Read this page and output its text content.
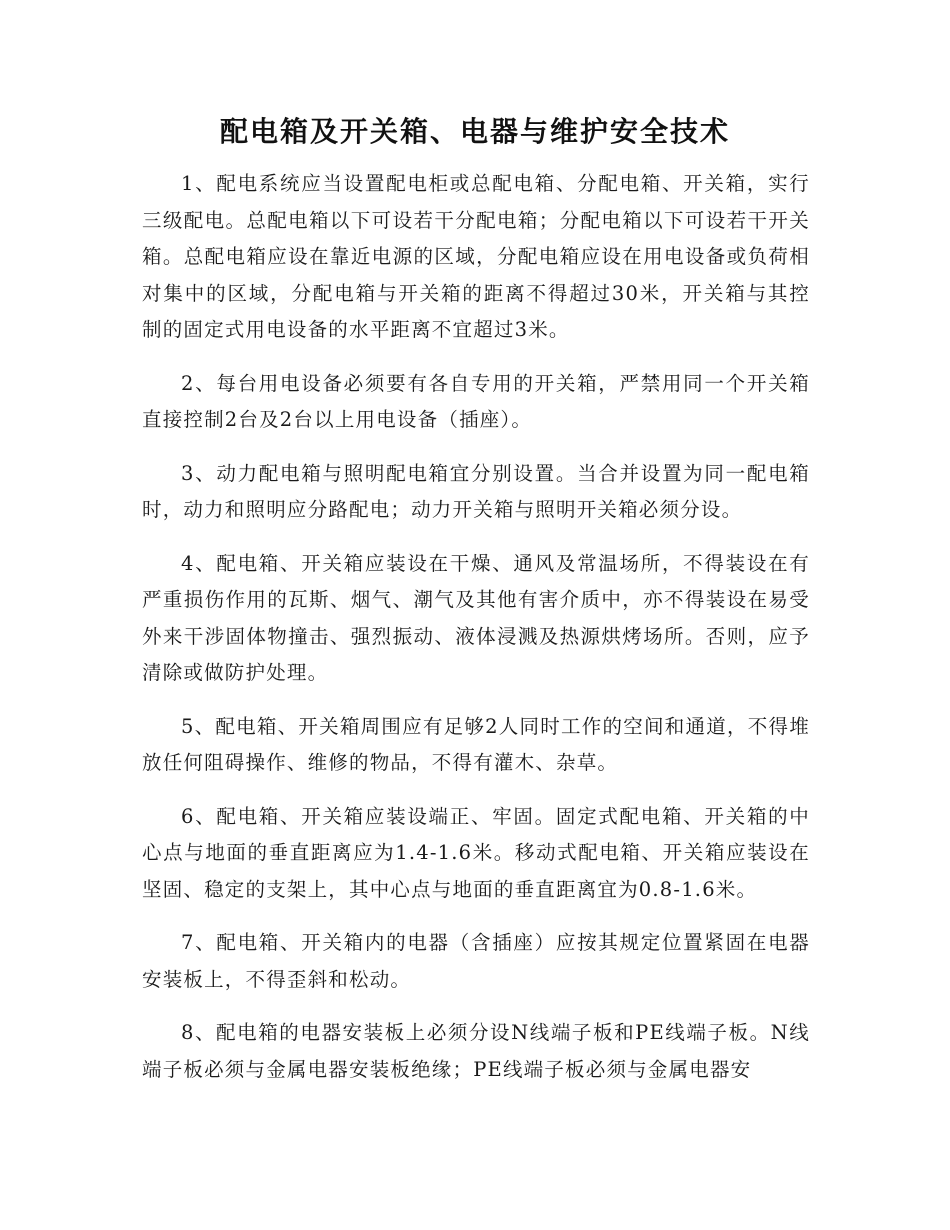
配电箱及开关箱、电器与维护安全技术

1、配电系统应当设置配电柜或总配电箱、分配电箱、开关箱，实行三级配电。总配电箱以下可设若干分配电箱；分配电箱以下可设若干开关箱。总配电箱应设在靠近电源的区域，分配电箱应设在用电设备或负荷相对集中的区域，分配电箱与开关箱的距离不得超过30米，开关箱与其控制的固定式用电设备的水平距离不宜超过3米。

2、每台用电设备必须要有各自专用的开关箱，严禁用同一个开关箱直接控制2台及2台以上用电设备（插座）。

3、动力配电箱与照明配电箱宜分别设置。当合并设置为同一配电箱时，动力和照明应分路配电；动力开关箱与照明开关箱必须分设。

4、配电箱、开关箱应装设在干燥、通风及常温场所，不得装设在有严重损伤作用的瓦斯、烟气、潮气及其他有害介质中，亦不得装设在易受外来干涉固体物撞击、强烈振动、液体浸溅及热源烘烤场所。否则，应予清除或做防护处理。

5、配电箱、开关箱周围应有足够2人同时工作的空间和通道，不得堆放任何阻碍操作、维修的物品，不得有灌木、杂草。

6、配电箱、开关箱应装设端正、牢固。固定式配电箱、开关箱的中心点与地面的垂直距离应为1.4-1.6米。移动式配电箱、开关箱应装设在坚固、稳定的支架上，其中心点与地面的垂直距离宜为0.8-1.6米。

7、配电箱、开关箱内的电器（含插座）应按其规定位置紧固在电器安装板上，不得歪斜和松动。

8、配电箱的电器安装板上必须分设N线端子板和PE线端子板。N线端子板必须与金属电器安装板绝缘；PE线端子板必须与金属电器安
